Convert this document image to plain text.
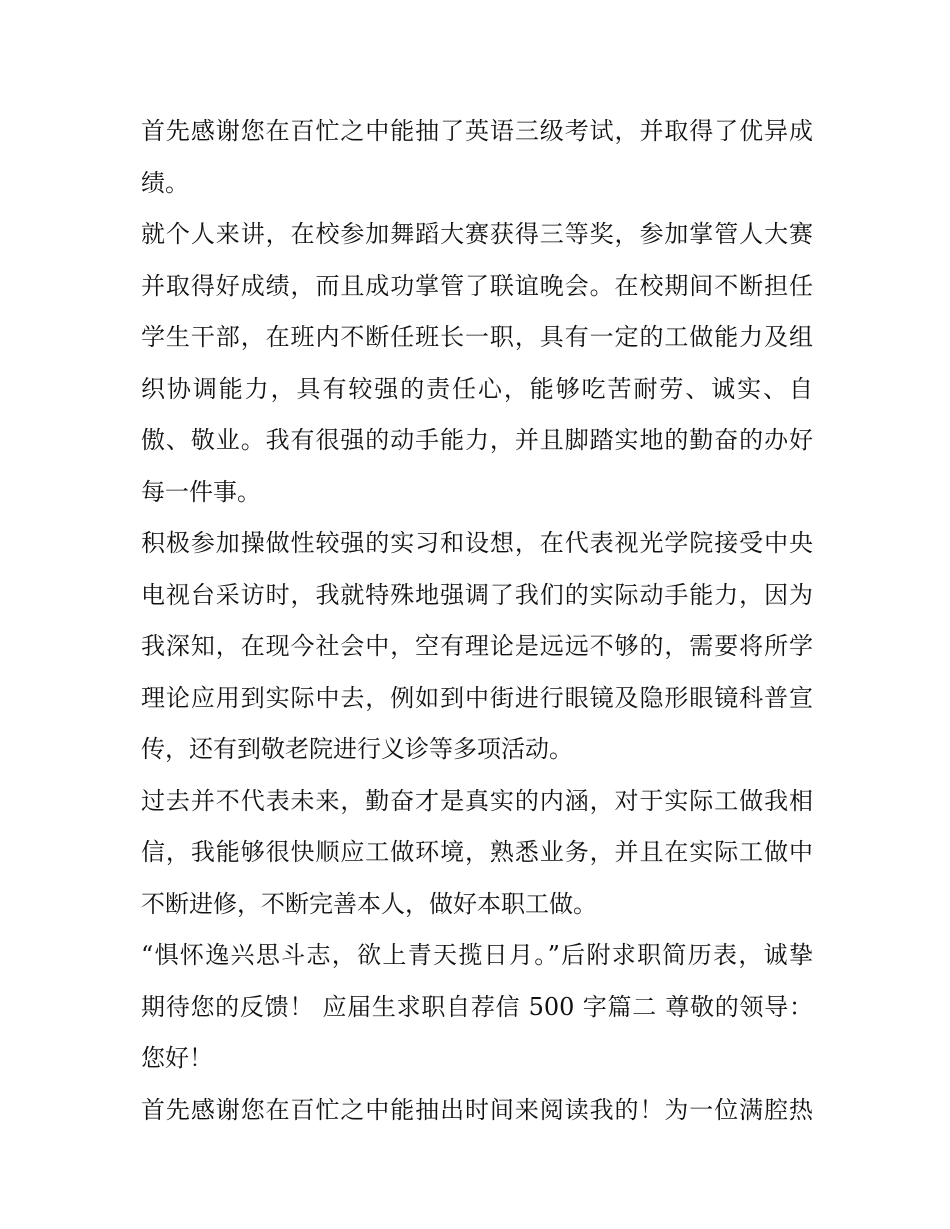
首先感谢您在百忙之中能抽了英语三级考试，并取得了优异成
绩。
就个人来讲，在校参加舞蹈大赛获得三等奖，参加掌管人大赛
并取得好成绩，而且成功掌管了联谊晚会。在校期间不断担任
学生干部，在班内不断任班长一职，具有一定的工做能力及组
织协调能力，具有较强的责任心，能够吃苦耐劳、诚实、自
傲、敬业。我有很强的动手能力，并且脚踏实地的勤奋的办好
每一件事。
积极参加操做性较强的实习和设想，在代表视光学院接受中央
电视台采访时，我就特殊地强调了我们的实际动手能力，因为
我深知，在现今社会中，空有理论是远远不够的，需要将所学
理论应用到实际中去，例如到中街进行眼镜及隐形眼镜科普宣
传，还有到敬老院进行义诊等多项活动。
过去并不代表未来，勤奋才是真实的内涵，对于实际工做我相
信，我能够很快顺应工做环境，熟悉业务，并且在实际工做中
不断进修，不断完善本人，做好本职工做。
“惧怀逸兴思斗志，欲上青天揽日月。”后附求职简历表，诚挚
期待您的反馈！ 应届生求职自荐信 500 字篇二 尊敬的领导：
您好！
首先感谢您在百忙之中能抽出时间来阅读我的！为一位满腔热
